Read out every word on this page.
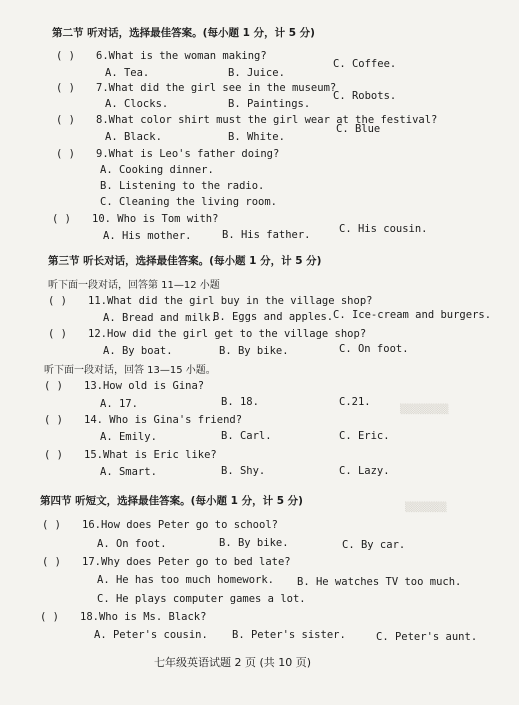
第二节 听对话，选择最佳答案。(每小题 1 分，计 5 分)
( ) 6.What is the woman making?
A. Tea.	B. Juice.
C. Coffee.
( ) 7.What did the girl see in the museum?
A. Clocks.	B. Paintings.
C. Robots.
( ) 8.What color shirt must the girl wear at the festival?
A. Black.	B. White.
C. Blue
( ) 9.What is Leo's father doing?
A. Cooking dinner.
B. Listening to the radio.
C. Cleaning the living room.
( ) 10. Who is Tom with?
A. His mother.	B. His father.	C. His cousin.
第三节 听长对话，选择最佳答案。(每小题 1 分，计 5 分)
听下面一段对话，回答第 11—12 小题
( ) 11.What did the girl buy in the village shop?
A. Bread and milk.
B. Eggs and apples. C. Ice-cream and burgers.
( ) 12.How did the girl get to the village shop?
A. By boat.	B. By bike.	C. On foot.
听下面一段对话，回答 13—15 小题。
( ) 13.How old is Gina?
A. 17.	B. 18.	C.21.
( ) 14. Who is Gina's friend?
A. Emily.	B. Carl.	C. Eric.
( ) 15.What is Eric like?
A. Smart.	B. Shy.	C. Lazy.
▒▒▒▒▒▒▒
▒▒▒▒▒▒
第四节 听短文，选择最佳答案。(每小题 1 分，计 5 分)
( ) 16.How does Peter go to school?
A. On foot.	B. By bike.	C. By car.
( ) 17.Why does Peter go to bed late?
A. He has too much homework. B. He watches TV too much.
C. He plays computer games a lot.
( ) 18.Who is Ms. Black?
A. Peter's cousin. B. Peter's sister.	C. Peter's aunt.
七年级英语试题 2 页 (共 10 页)
